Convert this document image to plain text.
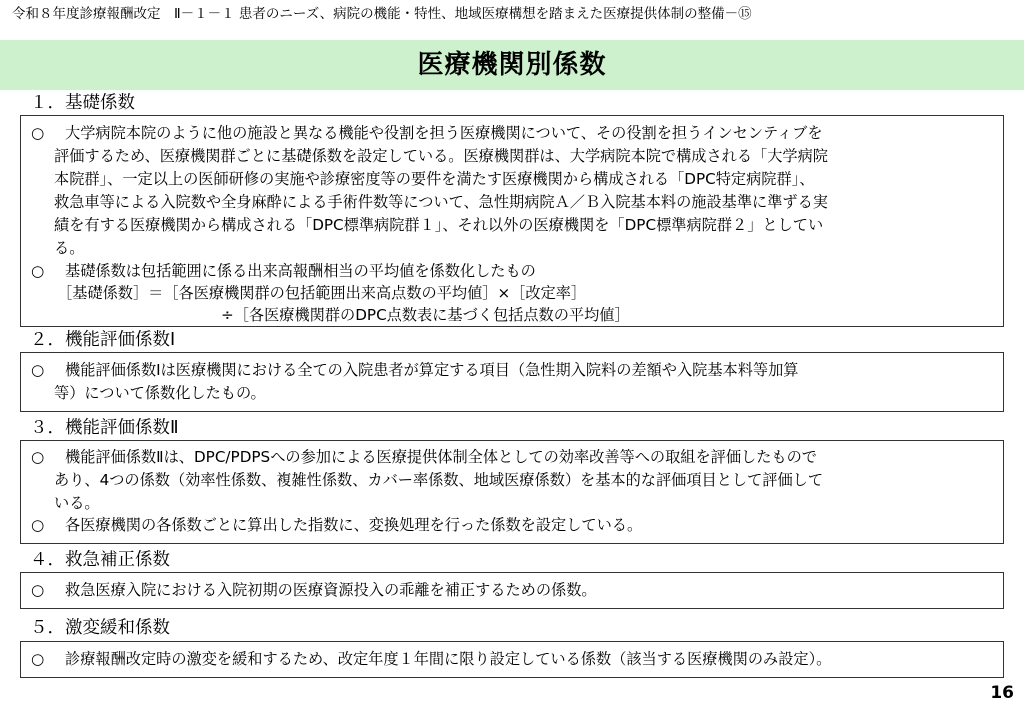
令和８年度診療報酬改定　Ⅱ－１－１ 患者のニーズ、病院の機能・特性、地域医療構想を踏まえた医療提供体制の整備－⑮
医療機関別係数
１．基礎係数
○ 大学病院本院のように他の施設と異なる機能や役割を担う医療機関について、その役割を担うインセンティブを
評価するため、医療機関群ごとに基礎係数を設定している。医療機関群は、大学病院本院で構成される「大学病院
本院群」、一定以上の医師研修の実施や診療密度等の要件を満たす医療機関から構成される「DPC特定病院群」、
救急車等による入院数や全身麻酔による手術件数等について、急性期病院Ａ／Ｂ入院基本料の施設基準に準ずる実
績を有する医療機関から構成される「DPC標準病院群１」、それ以外の医療機関を「DPC標準病院群２」としてい
る。
○ 基礎係数は包括範囲に係る出来高報酬相当の平均値を係数化したもの
［基礎係数］＝［各医療機関群の包括範囲出来高点数の平均値］×［改定率］
÷［各医療機関群のDPC点数表に基づく包括点数の平均値］
２．機能評価係数Ⅰ
○ 機能評価係数Ⅰは医療機関における全ての入院患者が算定する項目（急性期入院料の差額や入院基本料等加算
等）について係数化したもの。
３．機能評価係数Ⅱ
○ 機能評価係数Ⅱは、DPC/PDPSへの参加による医療提供体制全体としての効率改善等への取組を評価したもので
あり、4つの係数（効率性係数、複雑性係数、カバー率係数、地域医療係数）を基本的な評価項目として評価して
いる。
○ 各医療機関の各係数ごとに算出した指数に、変換処理を行った係数を設定している。
４．救急補正係数
○ 救急医療入院における入院初期の医療資源投入の乖離を補正するための係数。
５．激変緩和係数
○ 診療報酬改定時の激変を緩和するため、改定年度１年間に限り設定している係数（該当する医療機関のみ設定）。
16
